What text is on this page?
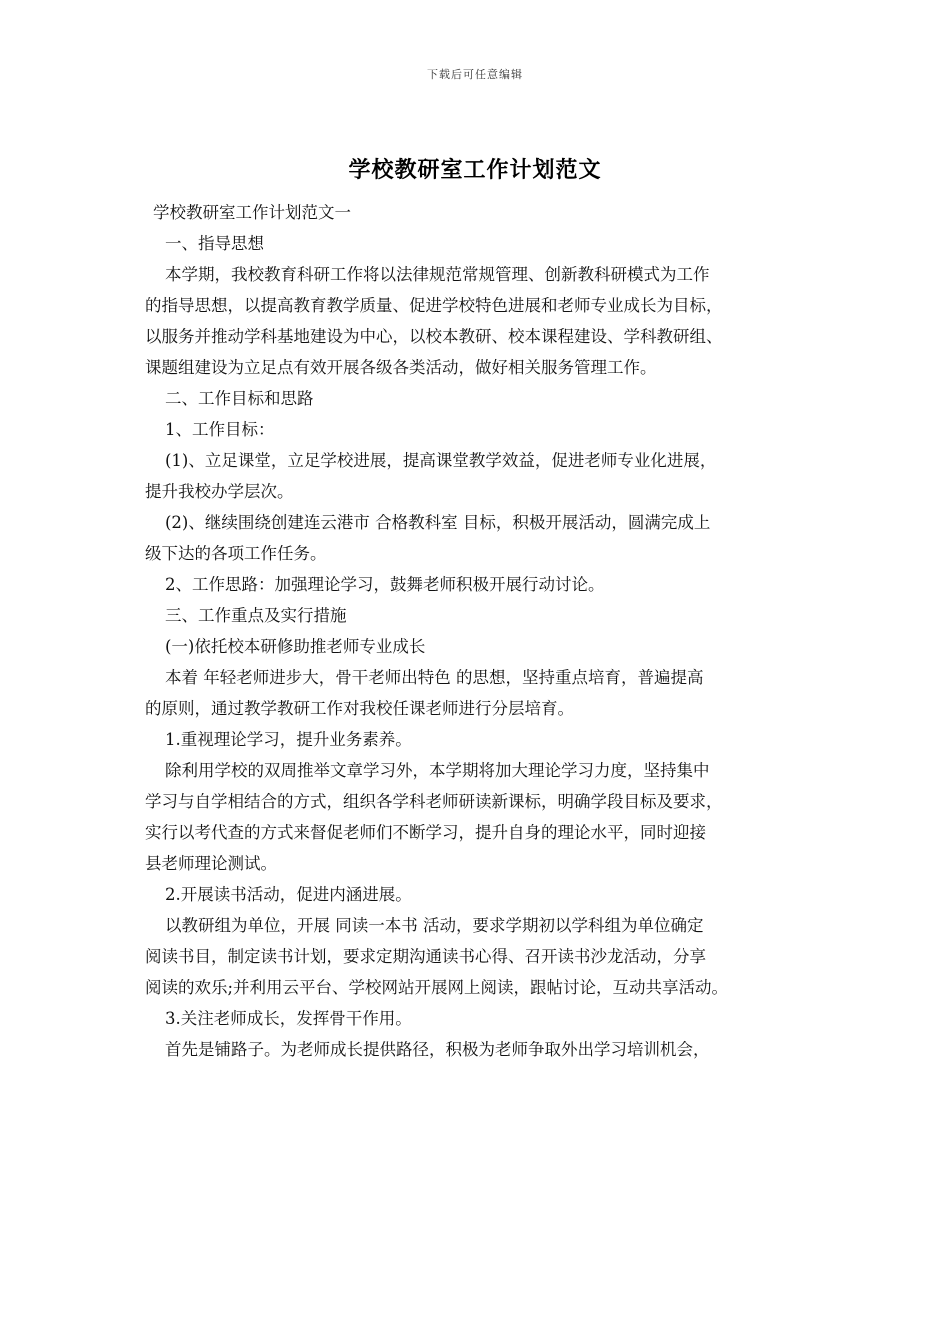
下载后可任意编辑
学校教研室工作计划范文
学校教研室工作计划范文一
一、指导思想
本学期，我校教育科研工作将以法律规范常规管理、创新教科研模式为工作
的指导思想，以提高教育教学质量、促进学校特色进展和老师专业成长为目标，
以服务并推动学科基地建设为中心，以校本教研、校本课程建设、学科教研组、
课题组建设为立足点有效开展各级各类活动，做好相关服务管理工作。
二、工作目标和思路
1、工作目标：
(1)、立足课堂，立足学校进展，提高课堂教学效益，促进老师专业化进展，
提升我校办学层次。
(2)、继续围绕创建连云港市 合格教科室 目标，积极开展活动，圆满完成上
级下达的各项工作任务。
2、工作思路：加强理论学习，鼓舞老师积极开展行动讨论。
三、工作重点及实行措施
(一)依托校本研修助推老师专业成长
本着 年轻老师进步大，骨干老师出特色 的思想，坚持重点培育，普遍提高
的原则，通过教学教研工作对我校任课老师进行分层培育。
1.重视理论学习，提升业务素养。
除利用学校的双周推举文章学习外，本学期将加大理论学习力度，坚持集中
学习与自学相结合的方式，组织各学科老师研读新课标，明确学段目标及要求，
实行以考代查的方式来督促老师们不断学习，提升自身的理论水平，同时迎接
县老师理论测试。
2.开展读书活动，促进内涵进展。
以教研组为单位，开展 同读一本书 活动，要求学期初以学科组为单位确定
阅读书目，制定读书计划，要求定期沟通读书心得、召开读书沙龙活动，分享
阅读的欢乐;并利用云平台、学校网站开展网上阅读，跟帖讨论，互动共享活动。
3.关注老师成长，发挥骨干作用。
首先是铺路子。为老师成长提供路径，积极为老师争取外出学习培训机会，
